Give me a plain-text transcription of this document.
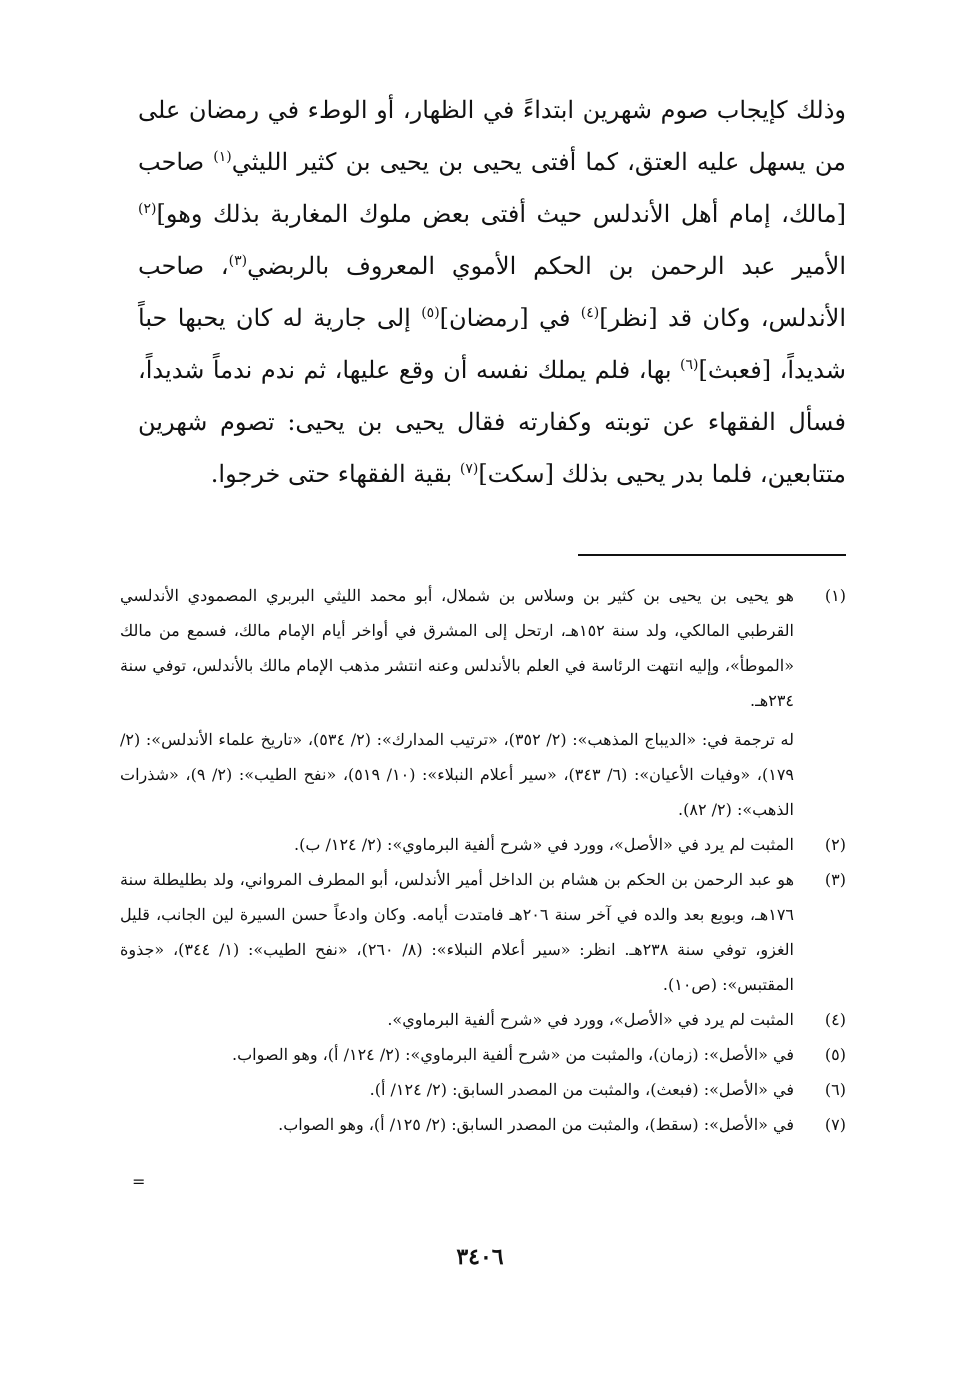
وذلك كإيجاب صوم شهرين ابتداءً في الظهار، أو الوطء في رمضان على من يسهل عليه العتق، كما أفتى يحيى بن يحيى بن كثير الليثي$^{(١)}$ صاحب [مالك، إمام أهل الأندلس حيث أفتى بعض ملوك المغاربة بذلك وهو]$^{(٢)}$ الأمير عبد الرحمن بن الحكم الأموي المعروف بالربضي$^{(٣)}$، صاحب الأندلس، وكان قد [نظر]$^{(٤)}$ في [رمضان]$^{(٥)}$ إلى جارية له كان يحبها حباً شديداً، [فعبث]$^{(٦)}$ بها، فلم يملك نفسه أن وقع عليها، ثم ندم ندماً شديداً، فسأل الفقهاء عن توبته وكفارته فقال يحيى بن يحيى: تصوم شهرين متتابعين، فلما بدر يحيى بذلك [سكت]$^{(٧)}$ بقية الفقهاء حتى خرجوا.

(١)

هو يحيى بن يحيى بن كثير بن وسلاس بن شملال، أبو محمد الليثي البربري المصمودي الأندلسي القرطبي المالكي، ولد سنة ١٥٢هـ، ارتحل إلى المشرق في أواخر أيام الإمام مالك، فسمع من مالك «الموطأ»، وإليه انتهت الرئاسة في العلم بالأندلس وعنه انتشر مذهب الإمام مالك بالأندلس، توفي سنة ٢٣٤هـ.

له ترجمة في: «الديباج المذهب»: (٢/ ٣٥٢)، «ترتيب المدارك»: (٢/ ٥٣٤)، «تاريخ علماء الأندلس»: (٢/ ١٧٩)، «وفيات الأعيان»: (٦/ ٣٤٣)، «سير أعلام النبلاء»: (١٠/ ٥١٩)، «نفح الطيب»: (٢/ ٩)، «شذرات الذهب»: (٢/ ٨٢).

(٢)

المثبت لم يرد في «الأصل»، وورد في «شرح ألفية البرماوي»: (٢/ ١٢٤/ ب).

(٣)

هو عبد الرحمن بن الحكم بن هشام بن الداخل أمير الأندلس، أبو المطرف المرواني، ولد بطليطلة سنة ١٧٦هـ، وبويع بعد والده في آخر سنة ٢٠٦هـ فامتدت أيامه. وكان وادعاً حسن السيرة لين الجانب، قليل الغزو، توفي سنة ٢٣٨هـ. انظر: «سير أعلام النبلاء»: (٨/ ٢٦٠)، «نفح الطيب»: (١/ ٣٤٤)، «جذوة المقتبس»: (ص١٠).

(٤)

المثبت لم يرد في «الأصل»، وورد في «شرح ألفية البرماوي».

(٥)

في «الأصل»: (زمان)، والمثبت من «شرح ألفية البرماوي»: (٢/ ١٢٤/ أ)، وهو الصواب.

(٦)

في «الأصل»: (فبعث)، والمثبت من المصدر السابق: (٢/ ١٢٤/ أ).

(٧)

في «الأصل»: (سقط)، والمثبت من المصدر السابق: (٢/ ١٢٥/ أ)، وهو الصواب.

=
٣٤٠٦
